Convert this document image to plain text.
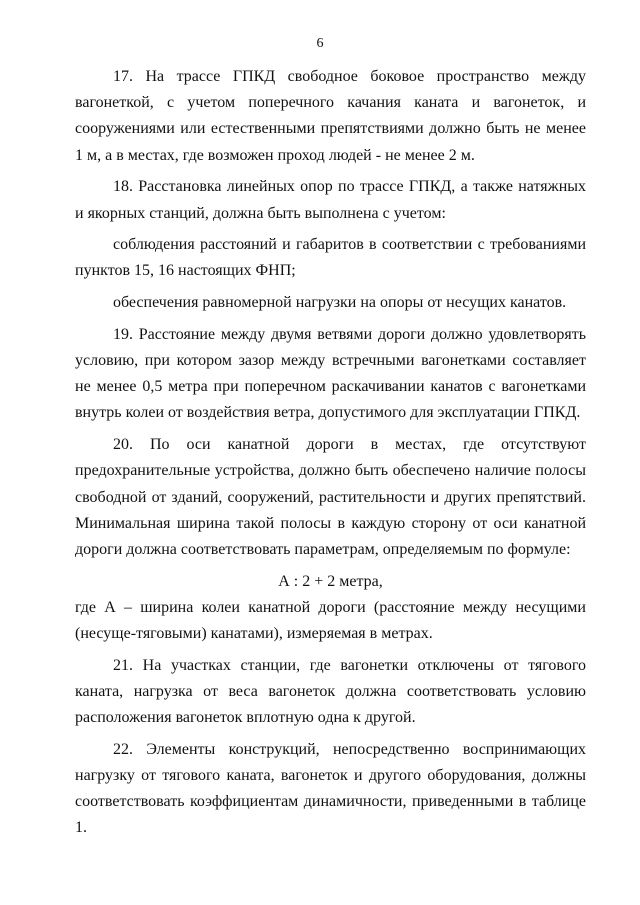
6

17. На трассе ГПКД свободное боковое пространство между вагонеткой, с учетом поперечного качания каната и вагонеток, и сооружениями или естественными препятствиями должно быть не менее 1 м, а в местах, где возможен проход людей - не менее 2 м.

18. Расстановка линейных опор по трассе ГПКД, а также натяжных и якорных станций, должна быть выполнена с учетом:

соблюдения расстояний и габаритов в соответствии с требованиями пунктов 15, 16 настоящих ФНП;

обеспечения равномерной нагрузки на опоры от несущих канатов.

19. Расстояние между двумя ветвями дороги должно удовлетворять условию, при котором зазор между встречными вагонетками составляет не менее 0,5 метра при поперечном раскачивании канатов с вагонетками внутрь колеи от воздействия ветра, допустимого для эксплуатации ГПКД.

20. По оси канатной дороги в местах, где отсутствуют предохранительные устройства, должно быть обеспечено наличие полосы свободной от зданий, сооружений, растительности и других препятствий. Минимальная ширина такой полосы в каждую сторону от оси канатной дороги должна соответствовать параметрам, определяемым по формуле:

А : 2 + 2 метра,

где А – ширина колеи канатной дороги (расстояние между несущими (несуще-тяговыми) канатами), измеряемая в метрах.

21. На участках станции, где вагонетки отключены от тягового каната, нагрузка от веса вагонеток должна соответствовать условию расположения вагонеток вплотную одна к другой.

22. Элементы конструкций, непосредственно воспринимающих нагрузку от тягового каната, вагонеток и другого оборудования, должны соответствовать коэффициентам динамичности, приведенными в таблице 1.
